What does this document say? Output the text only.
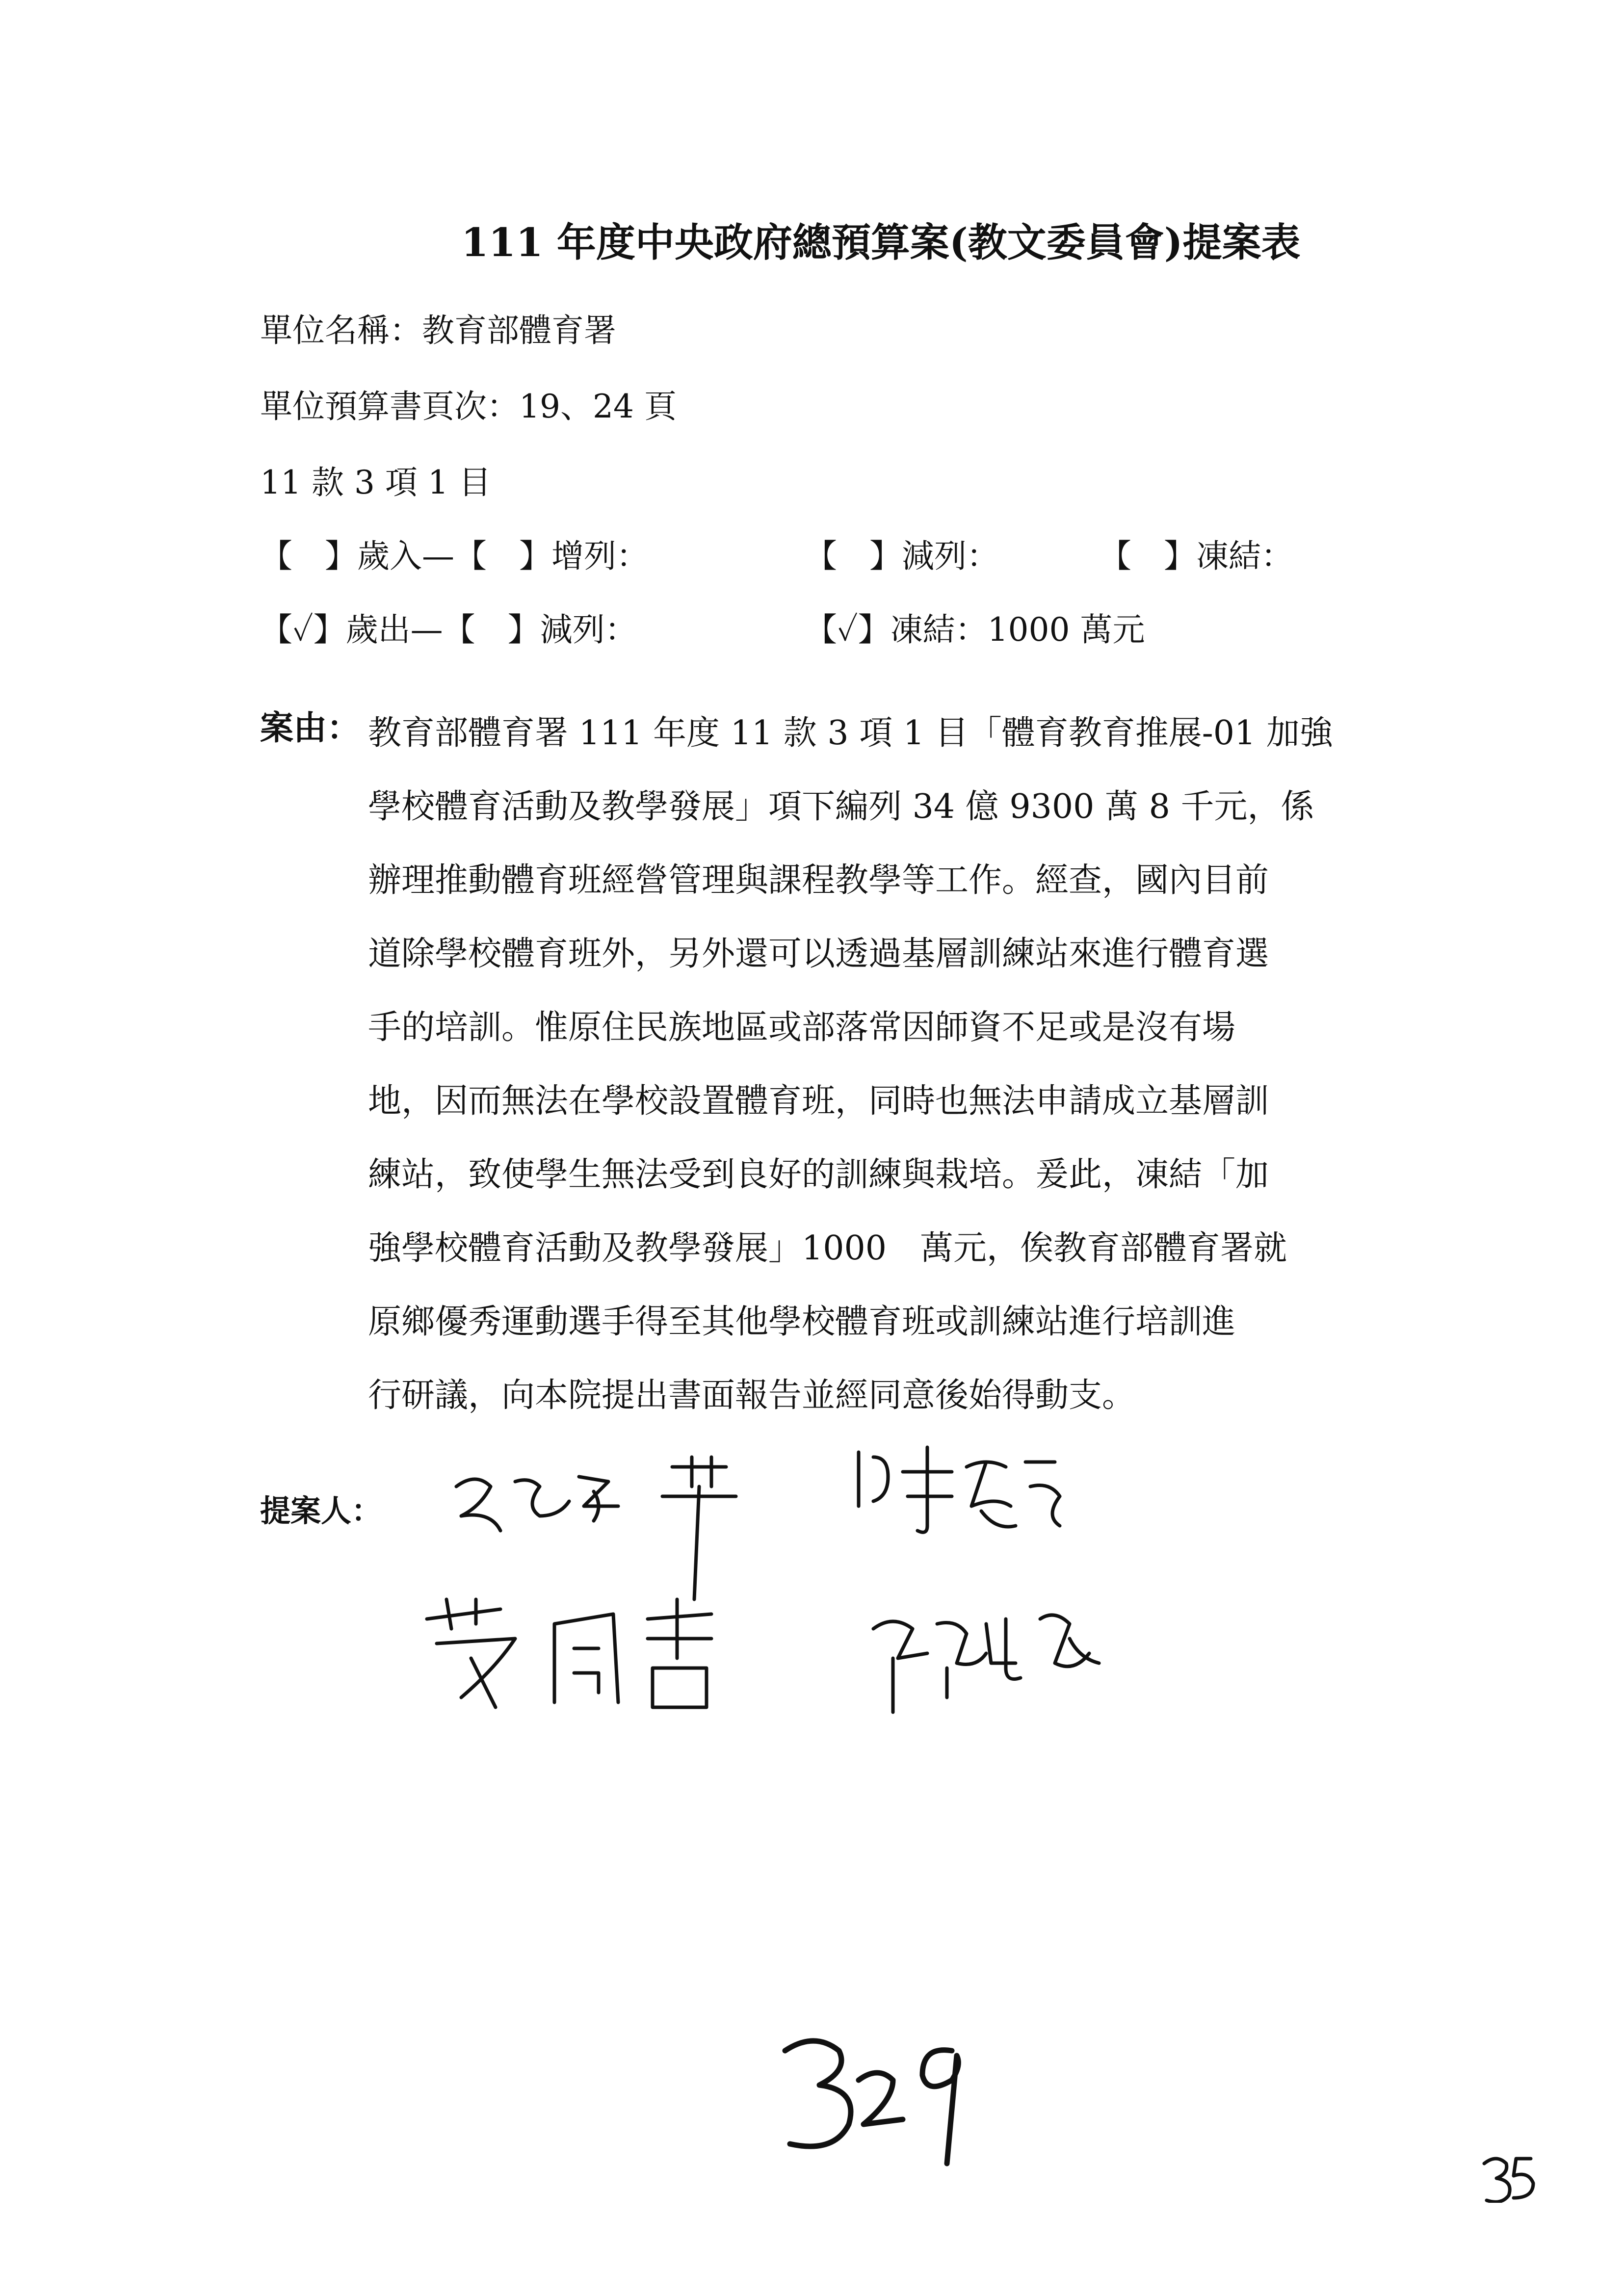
111 年度中央政府總預算案(教文委員會)提案表
單位名稱：教育部體育署
單位預算書頁次：19、24 頁
11 款 3 項 1 目
【　】歲入—【　】增列：	【　】減列：	【　】凍結：
【✓】歲出—【　】減列：	【✓】凍結：1000 萬元
案由： 教育部體育署 111 年度 11 款 3 項 1 目「體育教育推展-01 加強

學校體育活動及教學發展」項下編列 34 億 9300 萬 8 千元，係

辦理推動體育班經營管理與課程教學等工作。經查，國內目前

道除學校體育班外，另外還可以透過基層訓練站來進行體育選

手的培訓。惟原住民族地區或部落常因師資不足或是沒有場

地，因而無法在學校設置體育班，同時也無法申請成立基層訓

練站，致使學生無法受到良好的訓練與栽培。爰此，凍結「加

強學校體育活動及教學發展」1000　萬元，俟教育部體育署就

原鄉優秀運動選手得至其他學校體育班或訓練站進行培訓進

行研議，向本院提出書面報告並經同意後始得動支。

提案人：
